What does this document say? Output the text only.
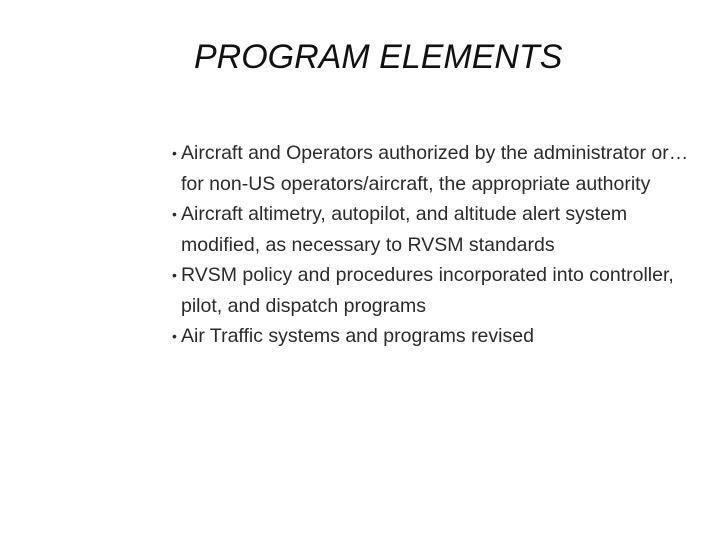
PROGRAM ELEMENTS
• Aircraft and Operators authorized by the administrator or… for non-US operators/aircraft, the appropriate authority
• Aircraft altimetry, autopilot, and altitude alert system modified, as necessary to RVSM standards
• RVSM policy and procedures incorporated into controller, pilot, and dispatch programs
• Air Traffic systems and programs revised
